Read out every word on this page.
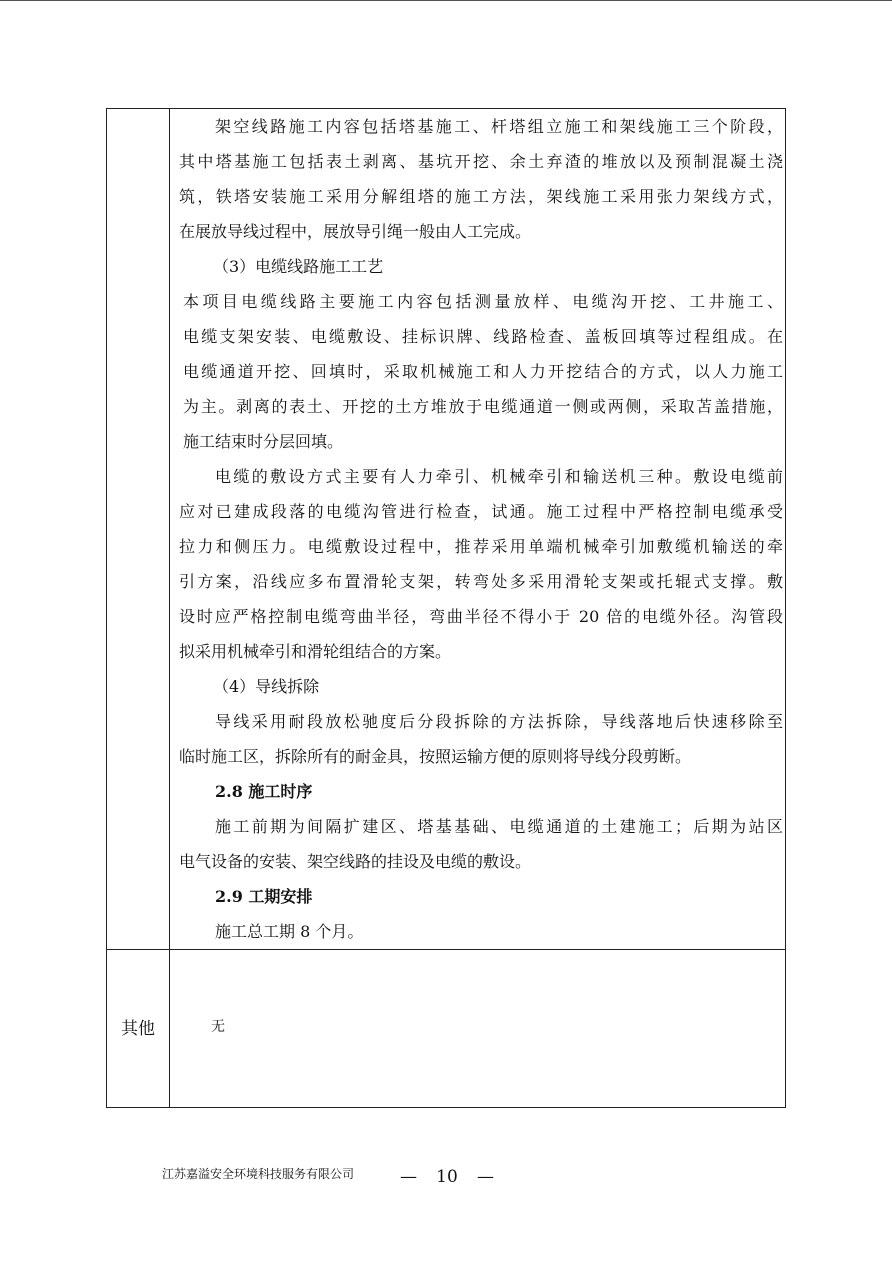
架空线路施工内容包括塔基施工、杆塔组立施工和架线施工三个阶段，
其中塔基施工包括表土剥离、基坑开挖、余土弃渣的堆放以及预制混凝土浇
筑，铁塔安装施工采用分解组塔的施工方法，架线施工采用张力架线方式，
在展放导线过程中，展放导引绳一般由人工完成。
（3）电缆线路施工工艺
本项目电缆线路主要施工内容包括测量放样、电缆沟开挖、工井施工、
电缆支架安装、电缆敷设、挂标识牌、线路检查、盖板回填等过程组成。在
电缆通道开挖、回填时，采取机械施工和人力开挖结合的方式，以人力施工
为主。剥离的表土、开挖的土方堆放于电缆通道一侧或两侧，采取苫盖措施，
施工结束时分层回填。
电缆的敷设方式主要有人力牵引、机械牵引和输送机三种。敷设电缆前
应对已建成段落的电缆沟管进行检查，试通。施工过程中严格控制电缆承受
拉力和侧压力。电缆敷设过程中，推荐采用单端机械牵引加敷缆机输送的牵
引方案，沿线应多布置滑轮支架，转弯处多采用滑轮支架或托辊式支撑。敷
设时应严格控制电缆弯曲半径，弯曲半径不得小于 20 倍的电缆外径。沟管段
拟采用机械牵引和滑轮组结合的方案。
（4）导线拆除
导线采用耐段放松驰度后分段拆除的方法拆除，导线落地后快速移除至
临时施工区，拆除所有的耐金具，按照运输方便的原则将导线分段剪断。
2.8 施工时序
施工前期为间隔扩建区、塔基基础、电缆通道的土建施工；后期为站区
电气设备的安装、架空线路的挂设及电缆的敷设。
2.9 工期安排
施工总工期 8 个月。
其他	无
江苏嘉溢安全环境科技服务有限公司	— 10 —
